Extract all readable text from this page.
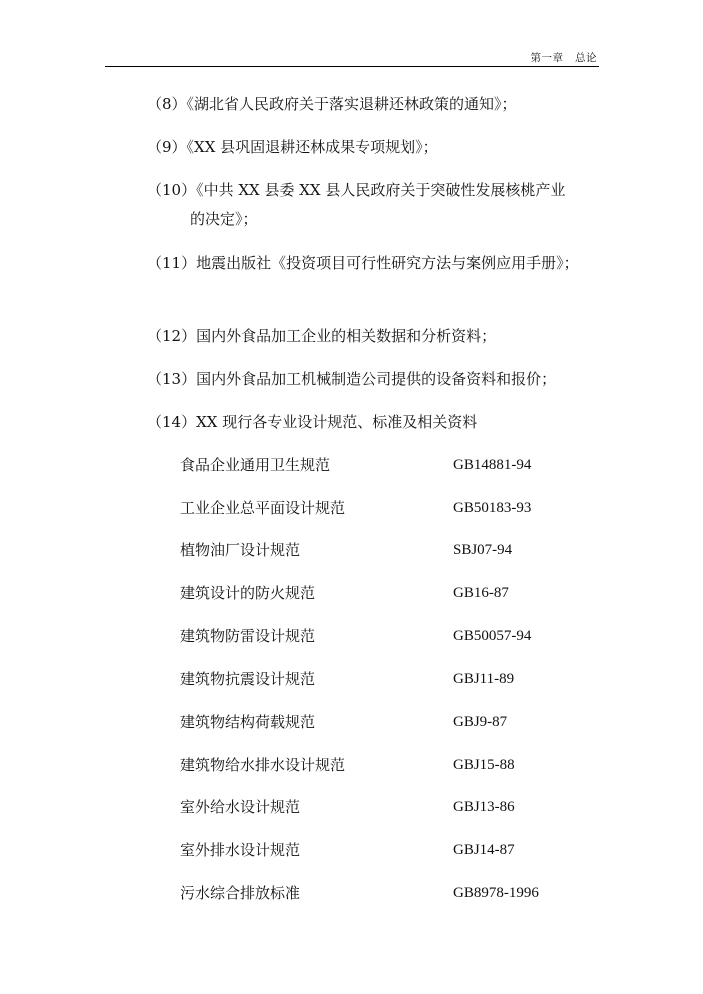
第一章   总论
（8）《湖北省人民政府关于落实退耕还林政策的通知》；
（9）《XX 县巩固退耕还林成果专项规划》；
（10）《中共 XX 县委 XX 县人民政府关于突破性发展核桃产业
的决定》；
（11）地震出版社《投资项目可行性研究方法与案例应用手册》；
（12）国内外食品加工企业的相关数据和分析资料；
（13）国内外食品加工机械制造公司提供的设备资料和报价；
（14）XX 现行各专业设计规范、标准及相关资料
食品企业通用卫生规范	GB14881-94
工业企业总平面设计规范	GB50183-93
植物油厂设计规范	SBJ07-94
建筑设计的防火规范	GB16-87
建筑物防雷设计规范	GB50057-94
建筑物抗震设计规范	GBJ11-89
建筑物结构荷载规范	GBJ9-87
建筑物给水排水设计规范	GBJ15-88
室外给水设计规范	GBJ13-86
室外排水设计规范	GBJ14-87
污水综合排放标准	GB8978-1996
